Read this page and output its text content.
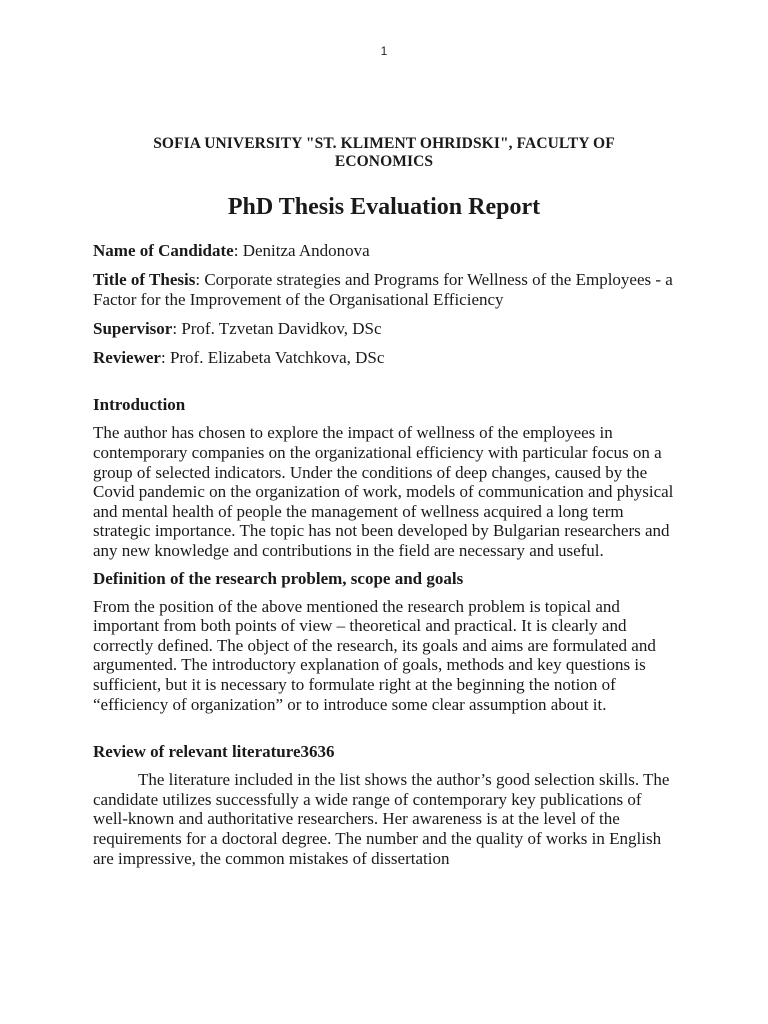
1
SOFIA UNIVERSITY "ST. KLIMENT OHRIDSKI", FACULTY OF ECONOMICS
PhD Thesis Evaluation Report

Name of Candidate: Denitza Andonova

Title of Thesis: Corporate strategies and Programs for Wellness of the Employees - a Factor for the Improvement of the Organisational Efficiency

Supervisor: Prof. Tzvetan Davidkov, DSc

Reviewer: Prof. Elizabeta Vatchkova, DSc

Introduction

The author has chosen to explore the impact of wellness of the employees in contemporary companies on the organizational efficiency with particular focus on a group of selected indicators. Under the conditions of deep changes, caused by the Covid pandemic on the organization of work, models of communication and physical and mental health of people the management of wellness acquired a long term strategic importance. The topic has not been developed by Bulgarian researchers and any new knowledge and contributions in the field are necessary and useful.

Definition of the research problem, scope and goals

From the position of the above mentioned the research problem is topical and important from both points of view – theoretical and practical. It is clearly and correctly defined. The object of the research, its goals and aims are formulated and argumented. The introductory explanation of goals, methods and key questions is sufficient, but it is necessary to formulate right at the beginning the notion of “efficiency of organization” or to introduce some clear assumption about it.

Review of relevant literature3636

The literature included in the list shows the author’s good selection skills. The candidate utilizes successfully a wide range of contemporary key publications of well-known and authoritative researchers. Her awareness is at the level of the requirements for a doctoral degree. The number and the quality of works in English are impressive, the common mistakes of dissertation
